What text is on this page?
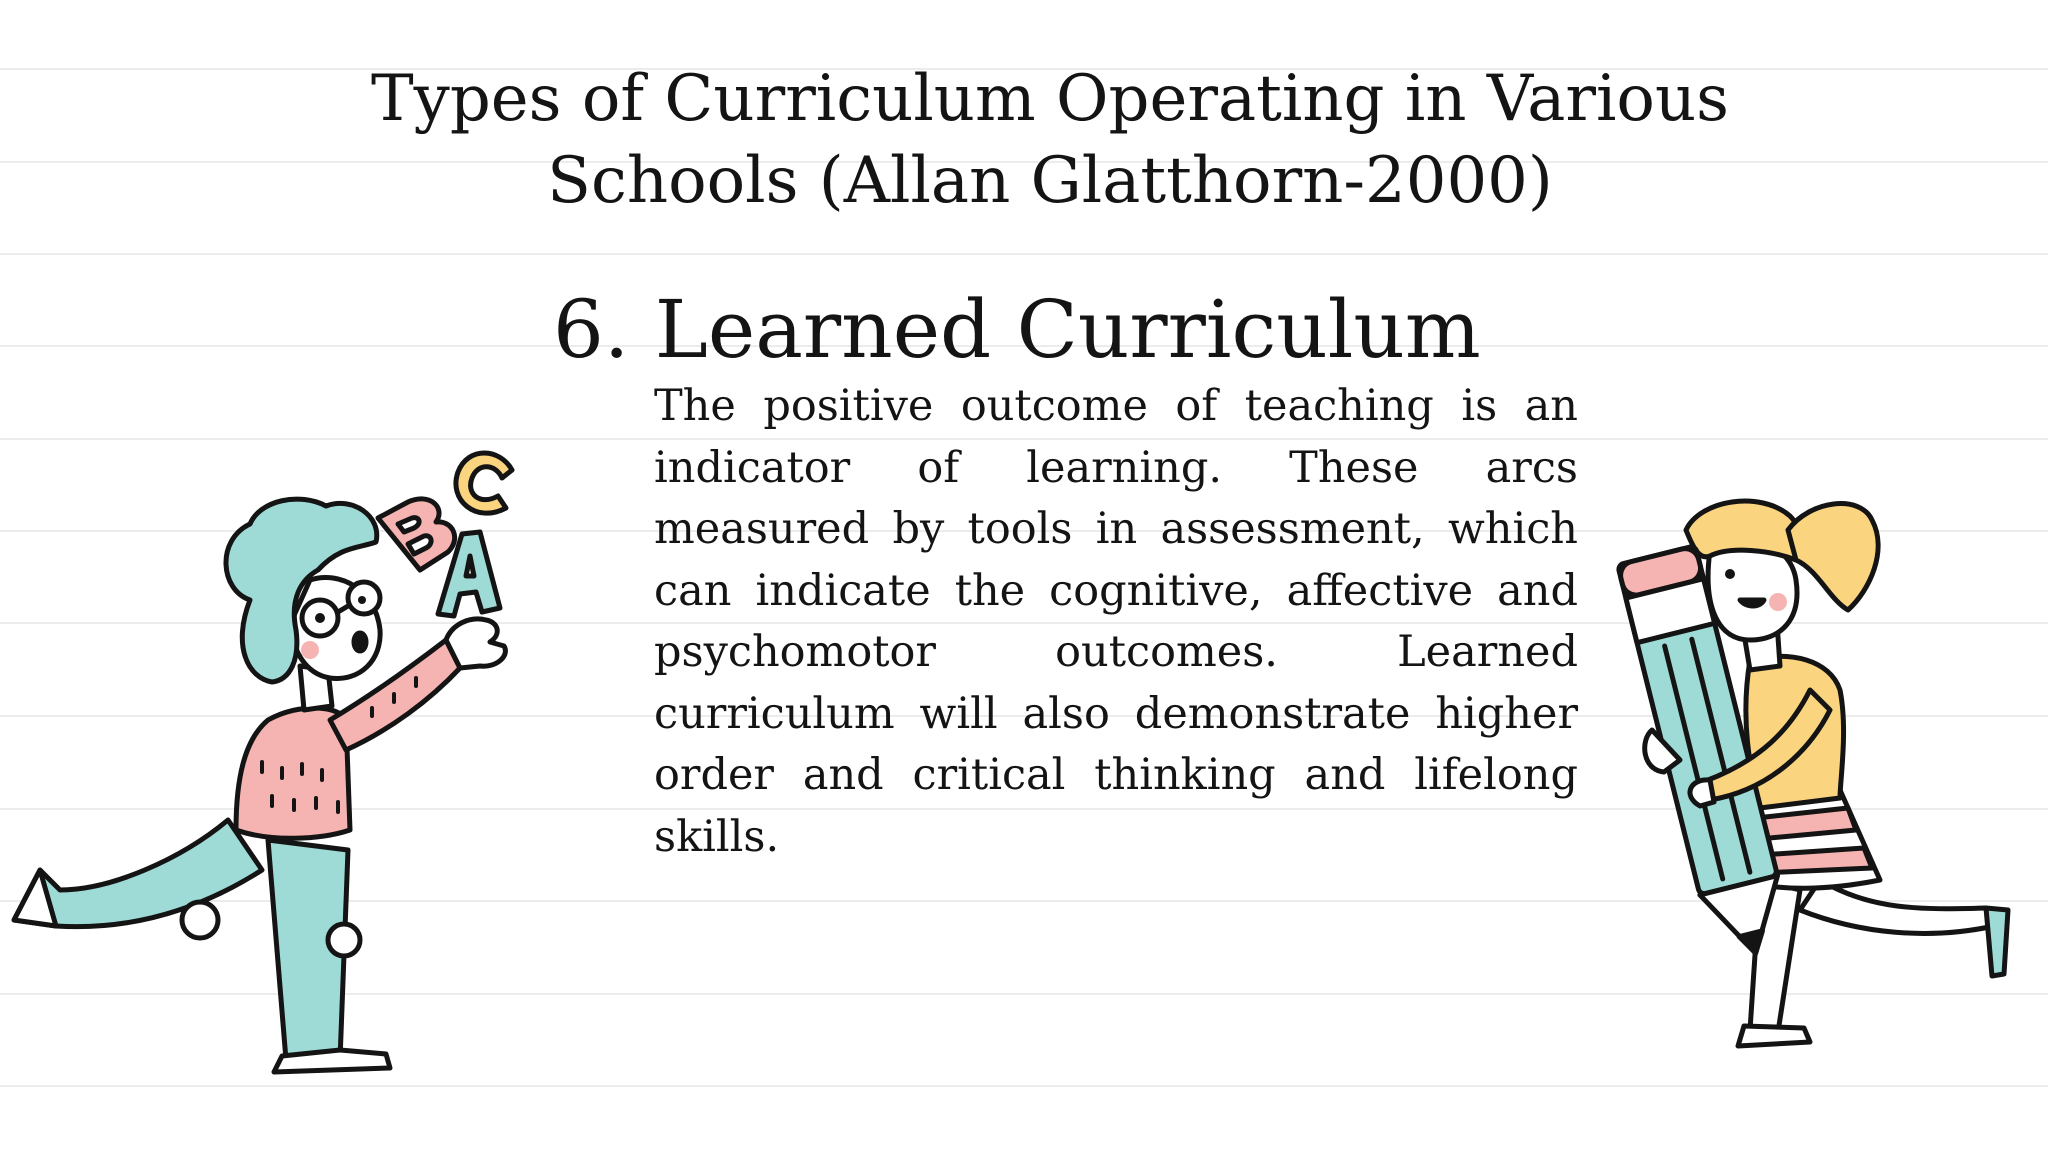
Types of Curriculum Operating in Various
Schools (Allan Glatthorn-2000)
6. Learned Curriculum

The positive outcome of teaching is an indicator of learning. These arcs measured by tools in assessment, which can indicate the cognitive, affective and psychomotor outcomes. Learned curriculum will also demonstrate higher order and critical thinking and lifelong skills.
